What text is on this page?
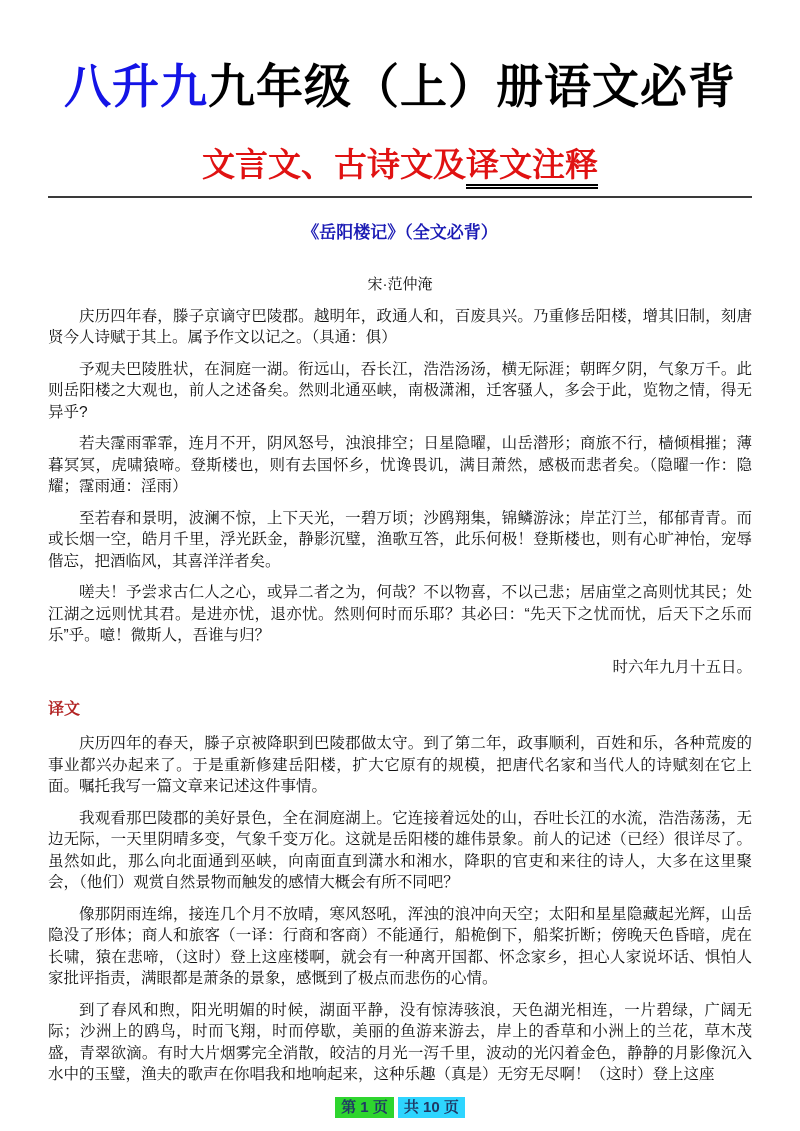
八升九九年级（上）册语文必背
文言文、古诗文及译文注释
《岳阳楼记》（全文必背）
宋·范仲淹

庆历四年春，滕子京谪守巴陵郡。越明年，政通人和，百废具兴。乃重修岳阳楼，增其旧制，刻唐贤今人诗赋于其上。属予作文以记之。（具通：俱）

予观夫巴陵胜状，在洞庭一湖。衔远山，吞长江，浩浩汤汤，横无际涯；朝晖夕阴，气象万千。此则岳阳楼之大观也，前人之述备矣。然则北通巫峡，南极潇湘，迁客骚人，多会于此，览物之情，得无异乎?

若夫霪雨霏霏，连月不开，阴风怒号，浊浪排空；日星隐曜，山岳潜形；商旅不行，樯倾楫摧；薄暮冥冥，虎啸猿啼。登斯楼也，则有去国怀乡，忧谗畏讥，满目萧然，感极而悲者矣。（隐曜一作：隐耀；霪雨通：淫雨）

至若春和景明，波澜不惊，上下天光，一碧万顷；沙鸥翔集，锦鳞游泳；岸芷汀兰，郁郁青青。而或长烟一空，皓月千里，浮光跃金，静影沉璧，渔歌互答，此乐何极！登斯楼也，则有心旷神怡，宠辱偕忘，把酒临风，其喜洋洋者矣。

嗟夫！予尝求古仁人之心，或异二者之为，何哉？不以物喜，不以己悲；居庙堂之高则忧其民；处江湖之远则忧其君。是进亦忧，退亦忧。然则何时而乐耶？其必曰：“先天下之忧而忧，后天下之乐而乐”乎。噫！微斯人，吾谁与归？

时六年九月十五日。

译文

庆历四年的春天，滕子京被降职到巴陵郡做太守。到了第二年，政事顺利，百姓和乐，各种荒废的事业都兴办起来了。于是重新修建岳阳楼，扩大它原有的规模，把唐代名家和当代人的诗赋刻在它上面。嘱托我写一篇文章来记述这件事情。

我观看那巴陵郡的美好景色，全在洞庭湖上。它连接着远处的山，吞吐长江的水流，浩浩荡荡，无边无际，一天里阴晴多变，气象千变万化。这就是岳阳楼的雄伟景象。前人的记述（已经）很详尽了。虽然如此，那么向北面通到巫峡，向南面直到潇水和湘水，降职的官吏和来往的诗人，大多在这里聚会，（他们）观赏自然景物而触发的感情大概会有所不同吧？

像那阴雨连绵，接连几个月不放晴，寒风怒吼，浑浊的浪冲向天空；太阳和星星隐藏起光辉，山岳隐没了形体；商人和旅客（一译：行商和客商）不能通行，船桅倒下，船桨折断；傍晚天色昏暗，虎在长啸，猿在悲啼，（这时）登上这座楼啊，就会有一种离开国都、怀念家乡，担心人家说坏话、惧怕人家批评指责，满眼都是萧条的景象，感慨到了极点而悲伤的心情。

到了春风和煦，阳光明媚的时候，湖面平静，没有惊涛骇浪，天色湖光相连，一片碧绿，广阔无际；沙洲上的鸥鸟，时而飞翔，时而停歇，美丽的鱼游来游去，岸上的香草和小洲上的兰花，草木茂盛，青翠欲滴。有时大片烟雾完全消散，皎洁的月光一泻千里，波动的光闪着金色，静静的月影像沉入水中的玉璧，渔夫的歌声在你唱我和地响起来，这种乐趣（真是）无穷无尽啊！（这时）登上这座

第 1 页 共 10 页
